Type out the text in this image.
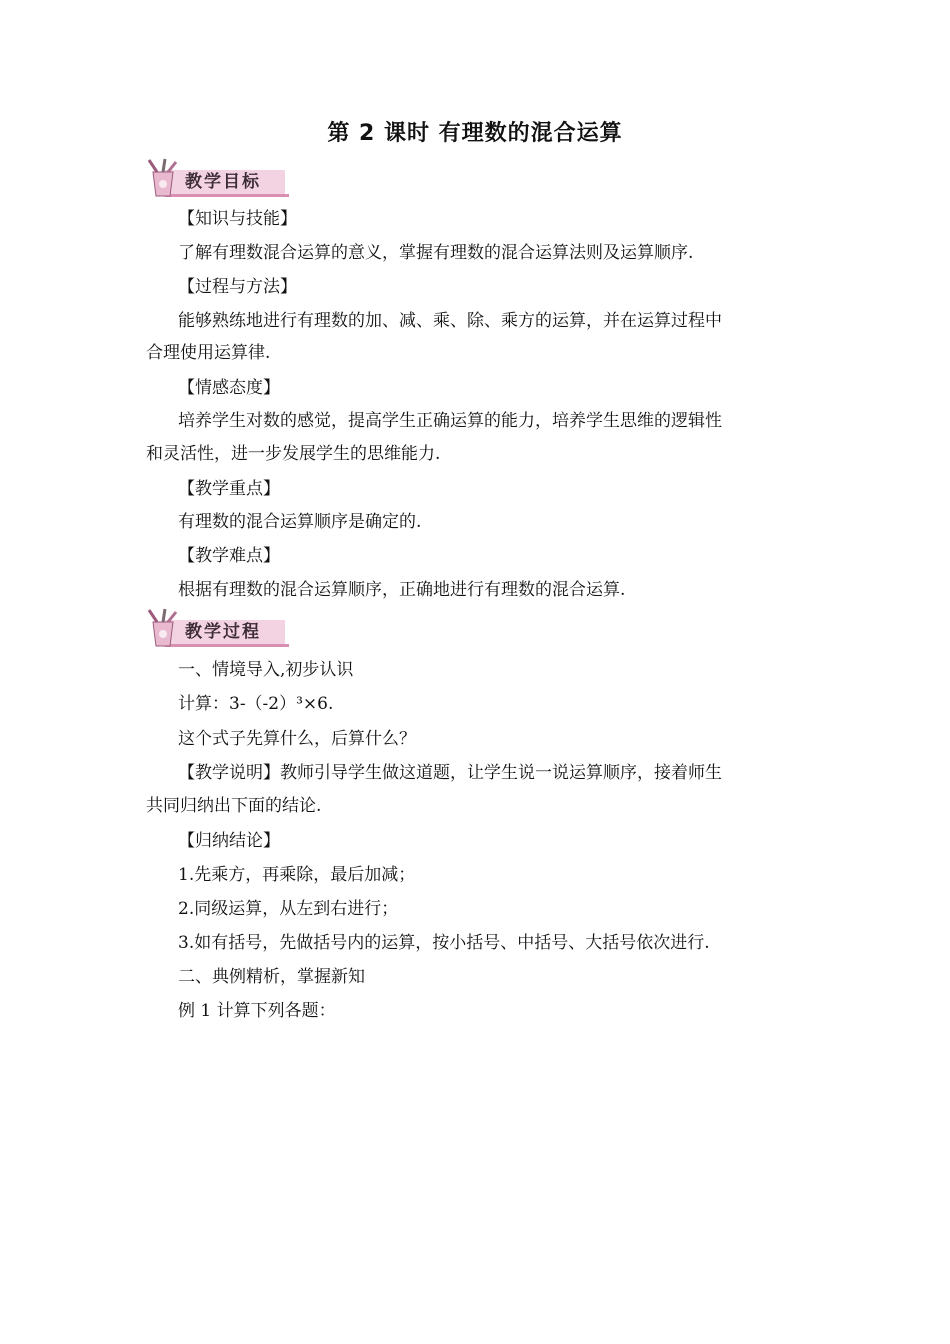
第 2 课时 有理数的混合运算
教学目标
【知识与技能】
了解有理数混合运算的意义，掌握有理数的混合运算法则及运算顺序.
【过程与方法】
能够熟练地进行有理数的加、减、乘、除、乘方的运算，并在运算过程中
合理使用运算律.
【情感态度】
培养学生对数的感觉，提高学生正确运算的能力，培养学生思维的逻辑性
和灵活性，进一步发展学生的思维能力.
【教学重点】
有理数的混合运算顺序是确定的.
【教学难点】
根据有理数的混合运算顺序，正确地进行有理数的混合运算.
教学过程
一、情境导入,初步认识
计算：3-（-2）³×6.
这个式子先算什么，后算什么？
【教学说明】教师引导学生做这道题，让学生说一说运算顺序，接着师生
共同归纳出下面的结论.
【归纳结论】
1.先乘方，再乘除，最后加减；
2.同级运算，从左到右进行；
3.如有括号，先做括号内的运算，按小括号、中括号、大括号依次进行.
二、典例精析，掌握新知
例 1 计算下列各题：
